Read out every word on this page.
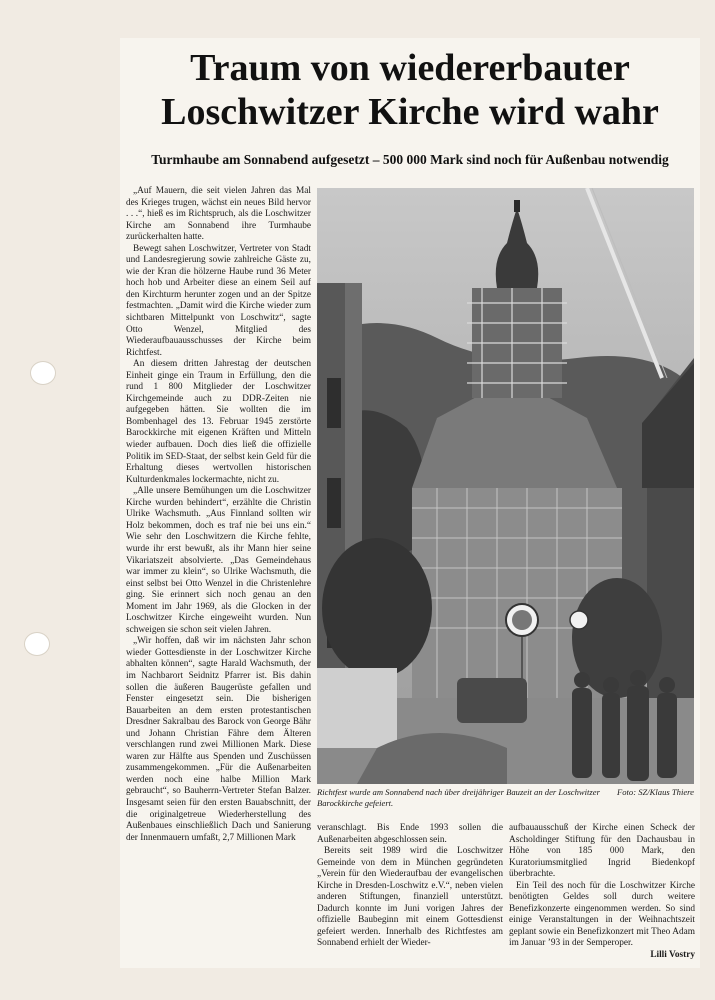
Traum von wiedererbauter
Loschwitzer Kirche wird wahr
Turmhaube am Sonnabend aufgesetzt – 500 000 Mark sind noch für Außenbau notwendig

„Auf Mauern, die seit vielen Jahren das Mal des Krieges trugen, wächst ein neues Bild hervor . . .“, hieß es im Richtspruch, als die Loschwitzer Kirche am Sonnabend ihre Turmhaube zurückerhalten hatte.

Bewegt sahen Loschwitzer, Vertreter von Stadt und Landesregierung sowie zahlreiche Gäste zu, wie der Kran die hölzerne Haube rund 36 Meter hoch hob und Arbeiter diese an einem Seil auf den Kirchturm herunter zogen und an der Spitze festmachten. „Damit wird die Kirche wieder zum sichtbaren Mittelpunkt von Loschwitz“, sagte Otto Wenzel, Mitglied des Wiederaufbauausschusses der Kirche beim Richtfest.

An diesem dritten Jahrestag der deutschen Einheit ginge ein Traum in Erfüllung, den die rund 1 800 Mitglieder der Loschwitzer Kirchgemeinde auch zu DDR-Zeiten nie aufgegeben hätten. Sie wollten die im Bombenhagel des 13. Februar 1945 zerstörte Barockkirche mit eigenen Kräften und Mitteln wieder aufbauen. Doch dies ließ die offizielle Politik im SED-Staat, der selbst kein Geld für die Erhaltung dieses wertvollen historischen Kulturdenkmales lockermachte, nicht zu.

„Alle unsere Bemühungen um die Loschwitzer Kirche wurden behindert“, erzählte die Christin Ulrike Wachsmuth. „Aus Finnland sollten wir Holz bekommen, doch es traf nie bei uns ein.“ Wie sehr den Loschwitzern die Kirche fehlte, wurde ihr erst bewußt, als ihr Mann hier seine Vikariatszeit absolvierte. „Das Gemeindehaus war immer zu klein“, so Ulrike Wachsmuth, die einst selbst bei Otto Wenzel in die Christenlehre ging. Sie erinnert sich noch genau an den Moment im Jahr 1969, als die Glocken in der Loschwitzer Kirche eingeweiht wurden. Nun schweigen sie schon seit vielen Jahren.

„Wir hoffen, daß wir im nächsten Jahr schon wieder Gottesdienste in der Loschwitzer Kirche abhalten können“, sagte Harald Wachsmuth, der im Nachbarort Seidnitz Pfarrer ist. Bis dahin sollen die äußeren Baugerüste gefallen und Fenster eingesetzt sein. Die bisherigen Bauarbeiten an dem ersten protestantischen Dresdner Sakralbau des Barock von George Bähr und Johann Christian Fähre dem Älteren verschlangen rund zwei Millionen Mark. Diese waren zur Hälfte aus Spenden und Zuschüssen zusammengekommen. „Für die Außenarbeiten werden noch eine halbe Million Mark gebraucht“, so Bauherrn-Vertreter Stefan Balzer. Insgesamt seien für den ersten Bauabschnitt, der die originalgetreue Wiederherstellung des Außenbaues einschließlich Dach und Sanierung der Innenmauern umfaßt, 2,7 Millionen Mark

Foto: SZ/Klaus Thiere
Richtfest wurde am Sonnabend nach über dreijähriger Bauzeit an der Loschwitzer Barockkirche gefeiert.

veranschlagt. Bis Ende 1993 sollen die Außenarbeiten abgeschlossen sein.

Bereits seit 1989 wird die Loschwitzer Gemeinde von dem in München gegründeten „Verein für den Wiederaufbau der evangelischen Kirche in Dresden-Loschwitz e.V.“, neben vielen anderen Stiftungen, finanziell unterstützt. Dadurch konnte im Juni vorigen Jahres der offizielle Baubeginn mit einem Gottesdienst gefeiert werden. Innerhalb des Richtfestes am Sonnabend erhielt der Wieder-

aufbauausschuß der Kirche einen Scheck der Ascholdinger Stiftung für den Dachausbau in Höhe von 185 000 Mark, den Kuratoriumsmitglied Ingrid Biedenkopf überbrachte.

Ein Teil des noch für die Loschwitzer Kirche benötigten Geldes soll durch weitere Benefizkonzerte eingenommen werden. So sind einige Veranstaltungen in der Weihnachtszeit geplant sowie ein Benefizkonzert mit Theo Adam im Januar ’93 in der Semperoper.

Lilli Vostry
